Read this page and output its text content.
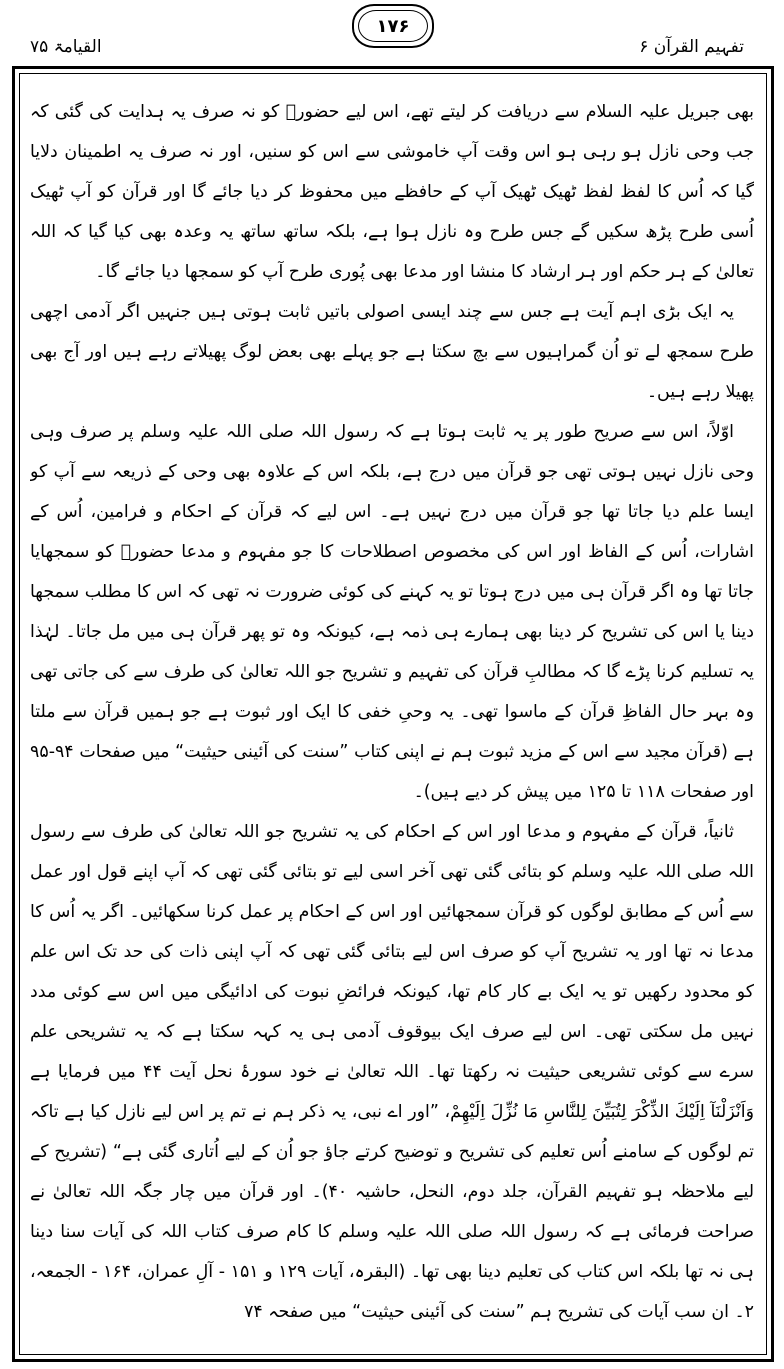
تفہیم القرآن ۶
۱۷۶
القیامۃ ۷۵

بھی جبریل علیہ السلام سے دریافت کر لیتے تھے، اس لیے حضورؐ کو نہ صرف یہ ہدایت کی گئی کہ جب وحی نازل ہو رہی ہو اس وقت آپ خاموشی سے اس کو سنیں، اور نہ صرف یہ اطمینان دلایا گیا کہ اُس کا لفظ لفظ ٹھیک ٹھیک آپ کے حافظے میں محفوظ کر دیا جائے گا اور قرآن کو آپ ٹھیک اُسی طرح پڑھ سکیں گے جس طرح وہ نازل ہوا ہے، بلکہ ساتھ ساتھ یہ وعدہ بھی کیا گیا کہ اللہ تعالیٰ کے ہر حکم اور ہر ارشاد کا منشا اور مدعا بھی پُوری طرح آپ کو سمجھا دیا جائے گا۔

یہ ایک بڑی اہم آیت ہے جس سے چند ایسی اصولی باتیں ثابت ہوتی ہیں جنہیں اگر آدمی اچھی طرح سمجھ لے تو اُن گمراہیوں سے بچ سکتا ہے جو پہلے بھی بعض لوگ پھیلاتے رہے ہیں اور آج بھی پھیلا رہے ہیں۔

اوّلاً، اس سے صریح طور پر یہ ثابت ہوتا ہے کہ رسول اللہ صلی اللہ علیہ وسلم پر صرف وہی وحی نازل نہیں ہوتی تھی جو قرآن میں درج ہے، بلکہ اس کے علاوہ بھی وحی کے ذریعہ سے آپ کو ایسا علم دیا جاتا تھا جو قرآن میں درج نہیں ہے۔ اس لیے کہ قرآن کے احکام و فرامین، اُس کے اشارات، اُس کے الفاظ اور اس کی مخصوص اصطلاحات کا جو مفہوم و مدعا حضورؐ کو سمجھایا جاتا تھا وہ اگر قرآن ہی میں درج ہوتا تو یہ کہنے کی کوئی ضرورت نہ تھی کہ اس کا مطلب سمجھا دینا یا اس کی تشریح کر دینا بھی ہمارے ہی ذمہ ہے، کیونکہ وہ تو پھر قرآن ہی میں مل جاتا۔ لہٰذا یہ تسلیم کرنا پڑے گا کہ مطالبِ قرآن کی تفہیم و تشریح جو اللہ تعالیٰ کی طرف سے کی جاتی تھی وہ بہر حال الفاظِ قرآن کے ماسوا تھی۔ یہ وحیِ خفی کا ایک اور ثبوت ہے جو ہمیں قرآن سے ملتا ہے (قرآن مجید سے اس کے مزید ثبوت ہم نے اپنی کتاب ”سنت کی آئینی حیثیت“ میں صفحات ۹۴-۹۵ اور صفحات ۱۱۸ تا ۱۲۵ میں پیش کر دیے ہیں)۔

ثانیاً، قرآن کے مفہوم و مدعا اور اس کے احکام کی یہ تشریح جو اللہ تعالیٰ کی طرف سے رسول اللہ صلی اللہ علیہ وسلم کو بتائی گئی تھی آخر اسی لیے تو بتائی گئی تھی کہ آپ اپنے قول اور عمل سے اُس کے مطابق لوگوں کو قرآن سمجھائیں اور اس کے احکام پر عمل کرنا سکھائیں۔ اگر یہ اُس کا مدعا نہ تھا اور یہ تشریح آپ کو صرف اس لیے بتائی گئی تھی کہ آپ اپنی ذات کی حد تک اس علم کو محدود رکھیں تو یہ ایک بے کار کام تھا، کیونکہ فرائضِ نبوت کی ادائیگی میں اس سے کوئی مدد نہیں مل سکتی تھی۔ اس لیے صرف ایک بیوقوف آدمی ہی یہ کہہ سکتا ہے کہ یہ تشریحی علم سرے سے کوئی تشریعی حیثیت نہ رکھتا تھا۔ اللہ تعالیٰ نے خود سورۂ نحل آیت ۴۴ میں فرمایا ہے وَاَنْزَلْنَآ اِلَيْكَ الذِّكْرَ لِتُبَيِّنَ لِلنَّاسِ مَا نُزِّلَ اِلَيْهِمْ، ”اور اے نبی، یہ ذکر ہم نے تم پر اس لیے نازل کیا ہے تاکہ تم لوگوں کے سامنے اُس تعلیم کی تشریح و توضیح کرتے جاؤ جو اُن کے لیے اُتاری گئی ہے“ (تشریح کے لیے ملاحظہ ہو تفہیم القرآن، جلد دوم، النحل، حاشیہ ۴۰)۔ اور قرآن میں چار جگہ اللہ تعالیٰ نے صراحت فرمائی ہے کہ رسول اللہ صلی اللہ علیہ وسلم کا کام صرف کتاب اللہ کی آیات سنا دینا ہی نہ تھا بلکہ اس کتاب کی تعلیم دینا بھی تھا۔ (البقرہ، آیات ۱۲۹ و ۱۵۱ - آلِ عمران، ۱۶۴ - الجمعہ، ۲۔ ان سب آیات کی تشریح ہم ”سنت کی آئینی حیثیت“ میں صفحہ ۷۴
